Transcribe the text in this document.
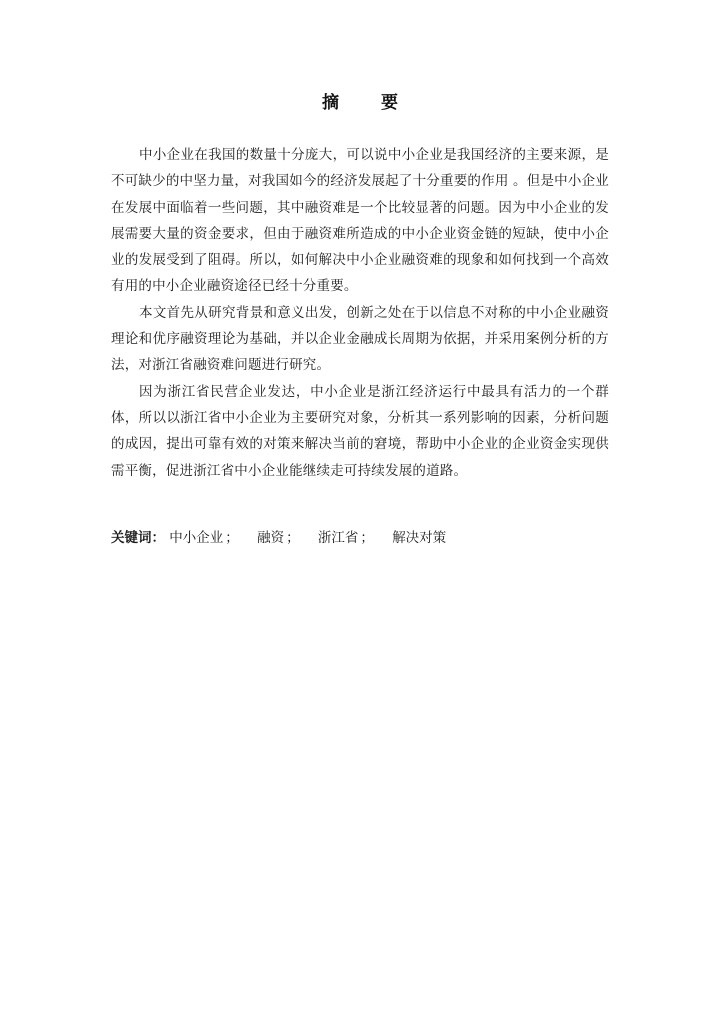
摘 要

中小企业在我国的数量十分庞大，可以说中小企业是我国经济的主要来源，是不可缺少的中坚力量，对我国如今的经济发展起了十分重要的作用 。但是中小企业在发展中面临着一些问题，其中融资难是一个比较显著的问题。因为中小企业的发展需要大量的资金要求，但由于融资难所造成的中小企业资金链的短缺，使中小企业的发展受到了阻碍。所以，如何解决中小企业融资难的现象和如何找到一个高效有用的中小企业融资途径已经十分重要。

本文首先从研究背景和意义出发，创新之处在于以信息不对称的中小企业融资理论和优序融资理论为基础，并以企业金融成长周期为依据，并采用案例分析的方法，对浙江省融资难问题进行研究。

因为浙江省民营企业发达，中小企业是浙江经济运行中最具有活力的一个群体，所以以浙江省中小企业为主要研究对象，分析其一系列影响的因素，分析问题的成因，提出可靠有效的对策来解决当前的窘境，帮助中小企业的企业资金实现供需平衡，促进浙江省中小企业能继续走可持续发展的道路。

关键词： 中小企业 ； 融资 ； 浙江省 ； 解决对策
